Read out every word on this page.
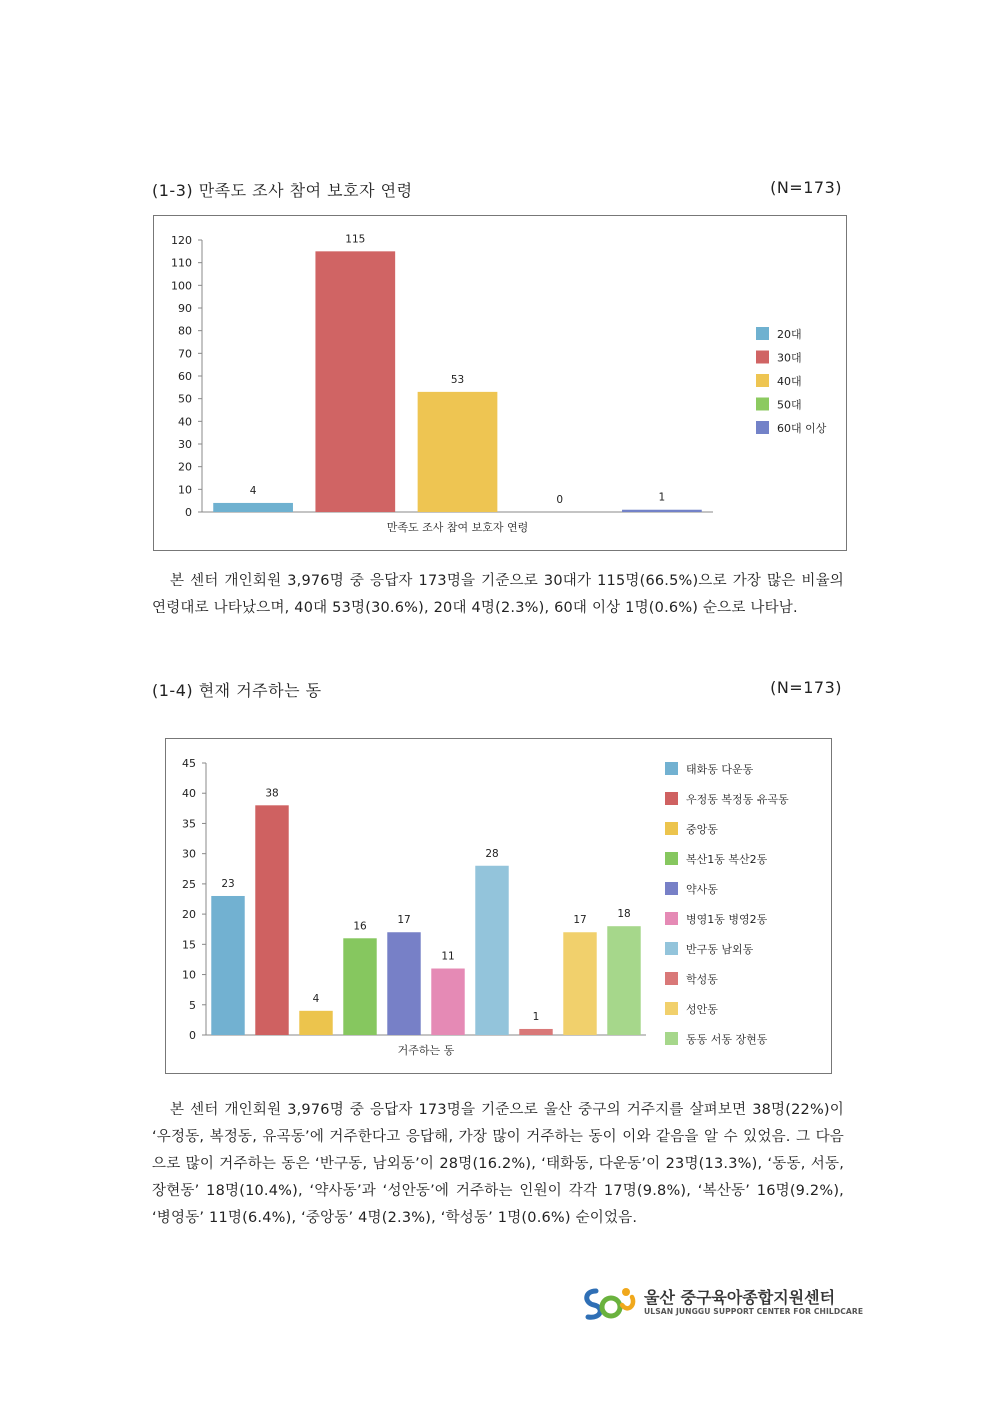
(1-3) 만족도 조사 참여 보호자 연령	(N=173)
0
10
20
30
40
50
60
70
80
90
100
110
120
4
20대
115
30대
53	40대
0
50대
1
60대 이상
만족도 조사 참여 보호자 연령

본 센터 개인회원 3,976명 중 응답자 173명을 기준으로 30대가 115명(66.5%)으로 가장 많은 비율의 연령대로 나타났으며, 40대 53명(30.6%), 20대 4명(2.3%), 60대 이상 1명(0.6%) 순으로 나타남.

(1-4) 현재 거주하는 동	(N=173)
0
5
10
15
20
25
30
35
40
45
23
태화동 다운동
38	우정동 복정동 유곡동
4
중앙동
16
복산1동 복산2동
17
약사동
11
병영1동 병영2동
28
반구동 남외동
1
학성동
17
성안동
18
동동 서동 장현동
거주하는 동

본 센터 개인회원 3,976명 중 응답자 173명을 기준으로 울산 중구의 거주지를 살펴보면 38명(22%)이 ‘우정동, 복정동, 유곡동’에 거주한다고 응답해, 가장 많이 거주하는 동이 이와 같음을 알 수 있었음. 그 다음으로 많이 거주하는 동은 ‘반구동, 남외동’이 28명(16.2%), ‘태화동, 다운동’이 23명(13.3%), ‘동동, 서동, 장현동’ 18명(10.4%), ‘약사동’과 ‘성안동’에 거주하는 인원이 각각 17명(9.8%), ‘복산동’ 16명(9.2%), ‘병영동’ 11명(6.4%), ‘중앙동’ 4명(2.3%), ‘학성동’ 1명(0.6%) 순이었음.

울산 중구육아종합지원센터
ULSAN JUNGGU SUPPORT CENTER FOR CHILDCARE
